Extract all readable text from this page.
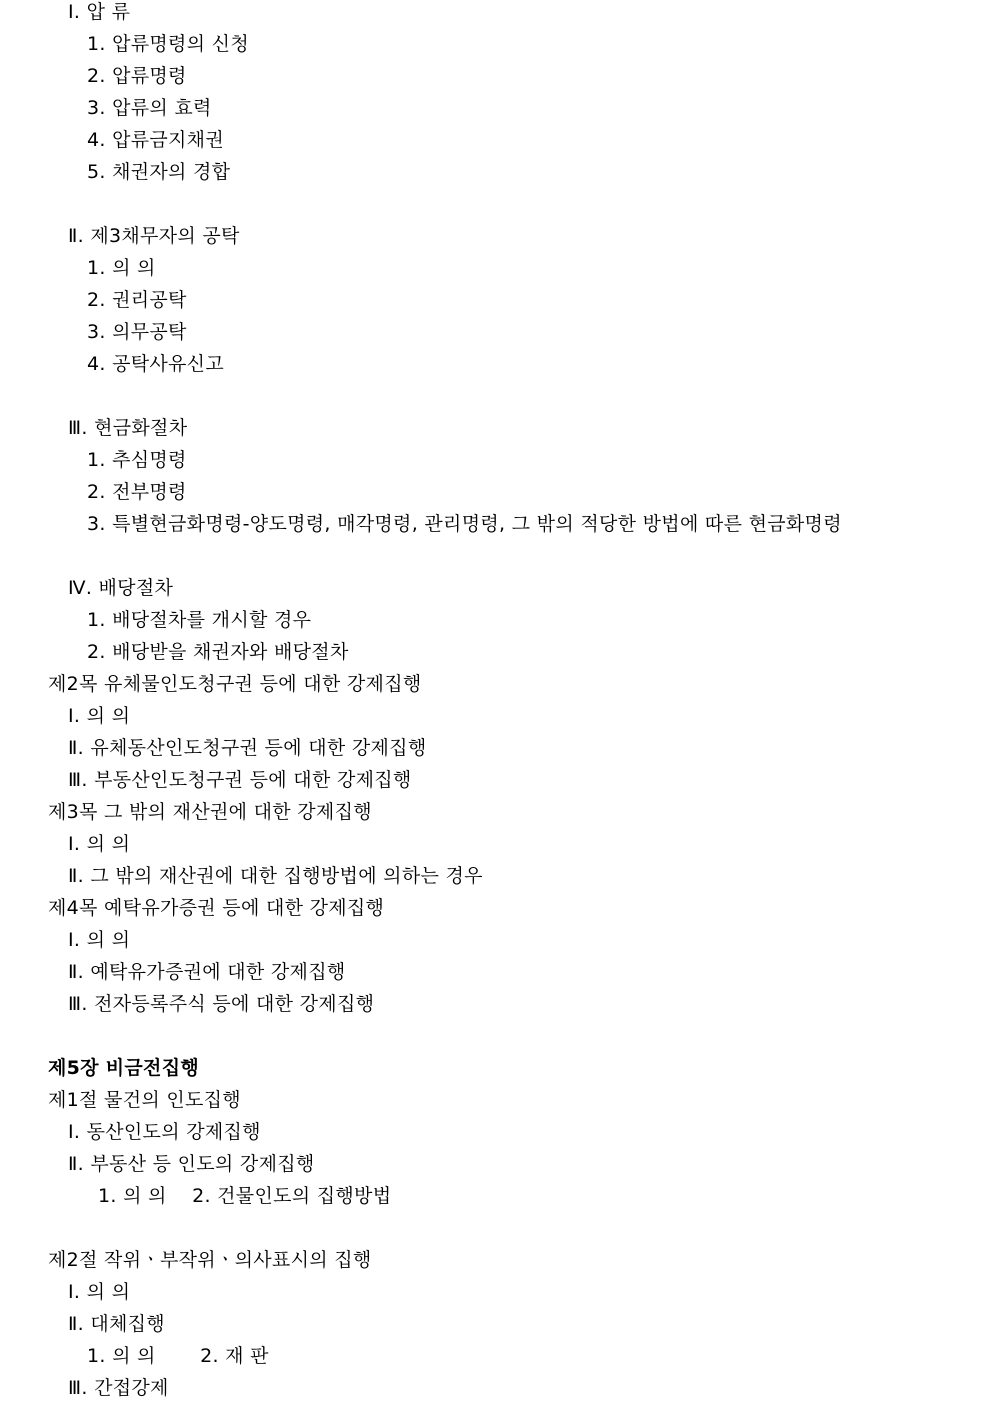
Ⅰ. 압 류
1. 압류명령의 신청
2. 압류명령
3. 압류의 효력
4. 압류금지채권
5. 채권자의 경합
Ⅱ. 제3채무자의 공탁
1. 의 의
2. 권리공탁
3. 의무공탁
4. 공탁사유신고
Ⅲ. 현금화절차
1. 추심명령
2. 전부명령
3. 특별현금화명령-양도명령, 매각명령, 관리명령, 그 밖의 적당한 방법에 따른 현금화명령
Ⅳ. 배당절차
1. 배당절차를 개시할 경우
2. 배당받을 채권자와 배당절차
제2목 유체물인도청구권 등에 대한 강제집행
Ⅰ. 의 의
Ⅱ. 유체동산인도청구권 등에 대한 강제집행
Ⅲ. 부동산인도청구권 등에 대한 강제집행
제3목 그 밖의 재산권에 대한 강제집행
Ⅰ. 의 의
Ⅱ. 그 밖의 재산권에 대한 집행방법에 의하는 경우
제4목 예탁유가증권 등에 대한 강제집행
Ⅰ. 의 의
Ⅱ. 예탁유가증권에 대한 강제집행
Ⅲ. 전자등록주식 등에 대한 강제집행
제5장 비금전집행
제1절 물건의 인도집행
Ⅰ. 동산인도의 강제집행
Ⅱ. 부동산 등 인도의 강제집행
1. 의 의    2. 건물인도의 집행방법
제2절 작위ㆍ부작위ㆍ의사표시의 집행
Ⅰ. 의 의
Ⅱ. 대체집행
1. 의 의       2. 재 판
Ⅲ. 간접강제
